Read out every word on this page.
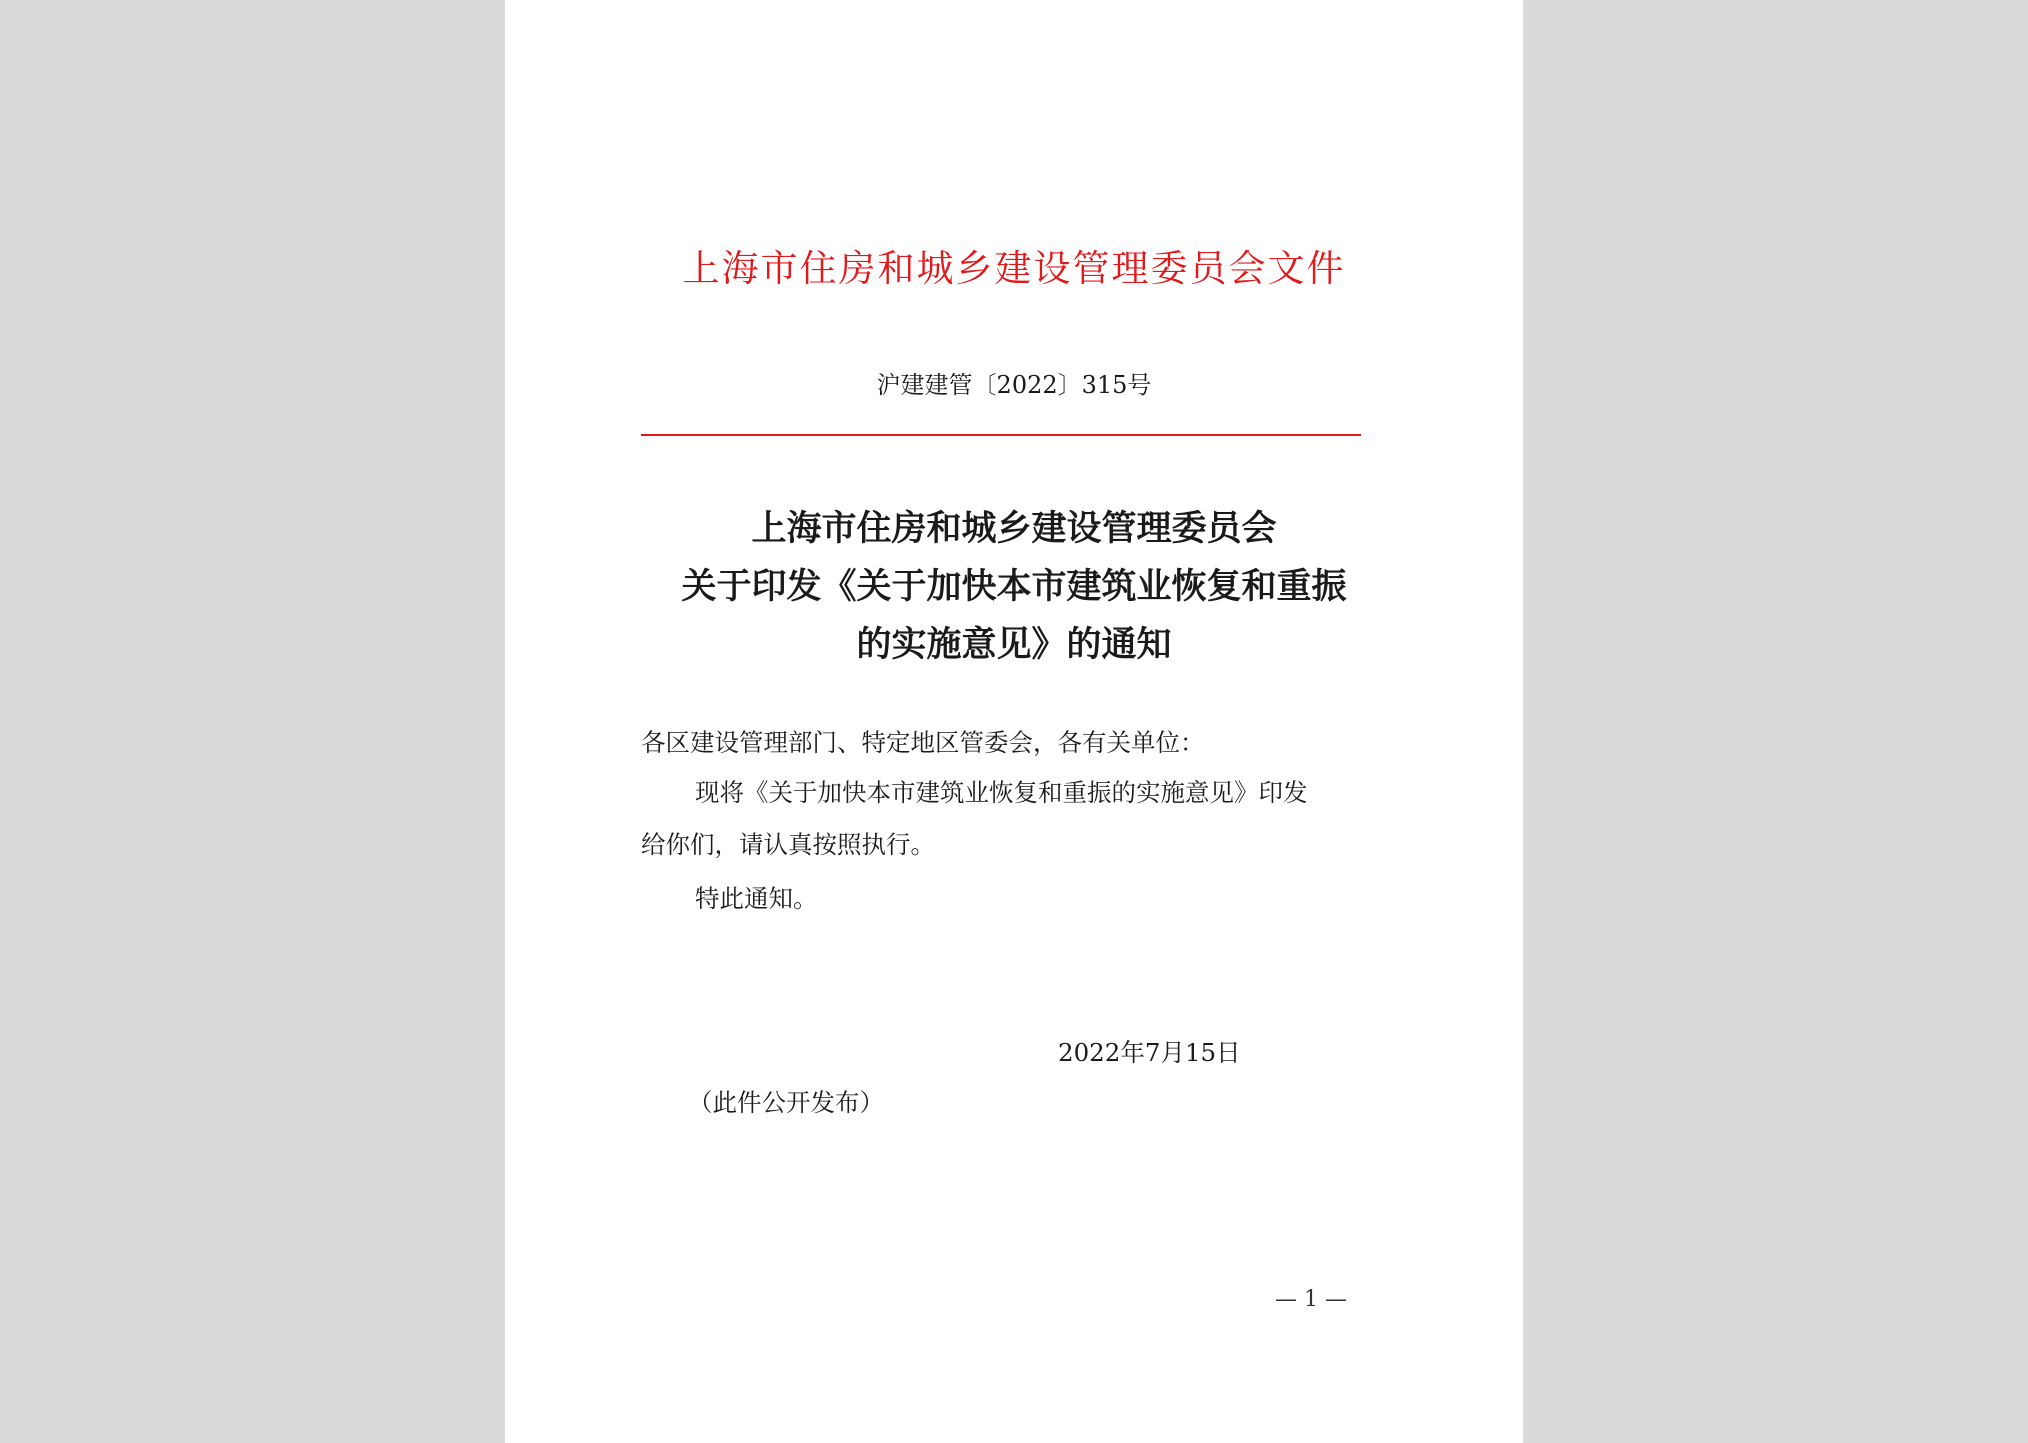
上海市住房和城乡建设管理委员会文件
沪建建管〔2022〕315号
上海市住房和城乡建设管理委员会
关于印发《关于加快本市建筑业恢复和重振
的实施意见》的通知
各区建设管理部门、特定地区管委会，各有关单位：
现将《关于加快本市建筑业恢复和重振的实施意见》印发
给你们，请认真按照执行。
特此通知。
2022年7月15日
（此件公开发布）
— 1 —
